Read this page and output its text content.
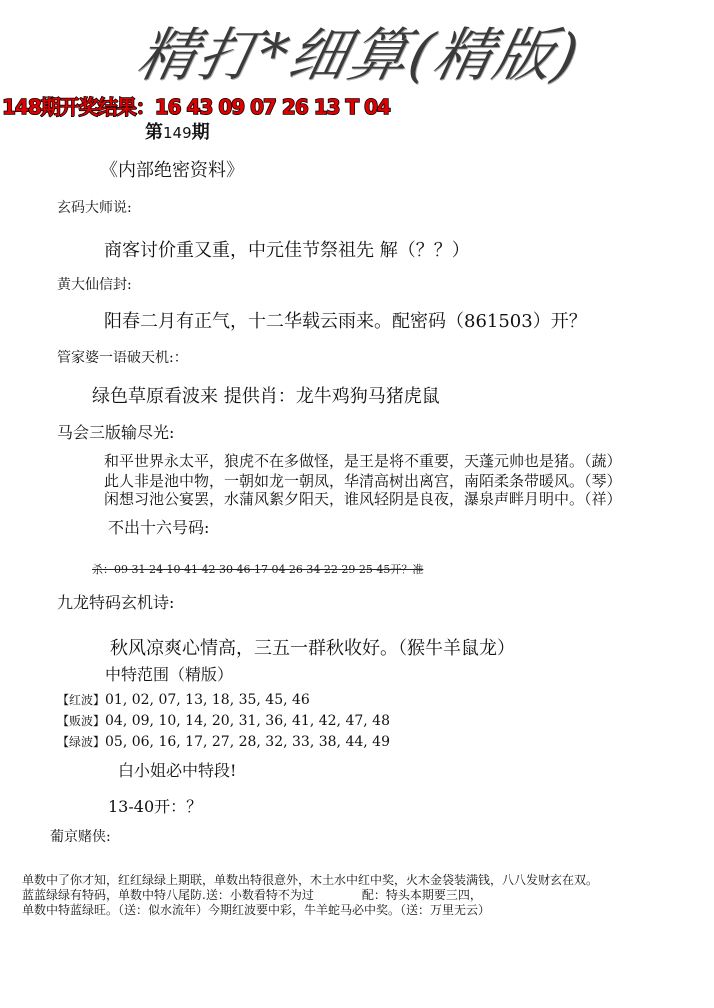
精打*细算(精版)
148期开奖结果：16 43 09 07 26 13 T 04
第149期
《内部绝密资料》
玄码大师说:
商客讨价重又重，中元佳节祭祖先 解（？？）
黄大仙信封:
阳春二月有正气，十二华载云雨来。配密码（861503）开？
管家婆一语破天机:：
绿色草原看波来 提供肖：龙牛鸡狗马猪虎鼠
马会三版输尽光:
和平世界永太平，狼虎不在多做怪，是王是将不重要，天蓬元帅也是猪。（蔬）
此人非是池中物，一朝如龙一朝凤，华清高树出离宫，南陌柔条带暖风。（琴）
闲想习池公宴罢，水蒲风絮夕阳天，谁风轻阴是良夜，瀑泉声畔月明中。（祥）
不出十六号码:
杀：09 31 24 10 41 42 30 46 17 04 26 34 22 29 25 45开？准
九龙特码玄机诗:
秋风凉爽心情高，三五一群秋收好。（猴牛羊鼠龙）
中特范围（精版）
【红波】01, 02, 07, 13, 18, 35, 45, 46
【贩波】04, 09, 10, 14, 20, 31, 36, 41, 42, 47, 48
【绿波】05, 06, 16, 17, 27, 28, 32, 33, 38, 44, 49
白小姐必中特段!
13-40开：？
葡京赌侠:
单数中了你才知，红红绿绿上期联，单数出特很意外，木土水中红中奖，火木金袋装满钱，八八发财玄在双。
蓝蓝绿绿有特码，单数中特八尾防.送：小数看特不为过　　　　配：特头本期要三四，
单数中特蓝绿旺。（送：似水流年）今期红波要中彩，牛羊蛇马必中奖。（送：万里无云）
